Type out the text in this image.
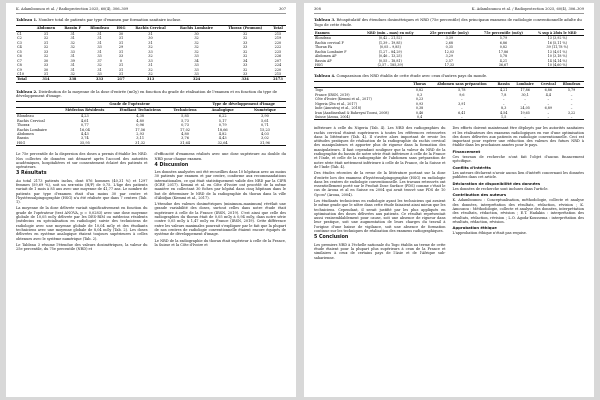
K. Adambounou et al. / Radioprotection 2025, 60(4), 306–309	307
Tableau 1. Nombre total de patients par type d'examen par formation sanitaire incluse.
	Abdomen	Bassin F	Blondeau	HSG	Rachis Cervical	Rachis Lombaire	Thorax (Poumon)	Total
C1	31	31	31	30	31	30	32	215
C2	32	31	31	31	30	32	32	219
C3	31	32	31	31	31	32	33	220
C4	32	32	33	29	32	32	33	222
C5	33	33	31	31	33	32	32	225
C6	32	31	33	33	32	33	32	226
C7	30	39	37	0	33	34	34	207
C8	33	31	32	31	31	33	33	224
C9	30	31	31	31	32	33	32	220
C10	31	32	33	31	32	33	33	215
Total	314	338	333	217	313	324	334	2173
Tableau 2. Distribution de la moyenne de la dose d'entrée (mGy) en fonction du grade de réalisation de l'examen et en fonction du type de développement d'image.
	Grade de l'opérateur			Type de développement d'image	
	Médecins Résidents	Étudiant Techniciens	Techniciens	Analogique	Numérique
Blondeau	4,23	4,38	5,85	6,22	3,90
Rachis Cervical	4,61	4,80	5,73	5,17	5,61
Thorax	0,77	0,96	0,73	0,79	0,71
Rachis Lombaire	16,04	17,56	17,02	18,66	15,23
Abdomen	4,43	2,93	4,80	4,82	4,03
Bassin	3,74	3,11	3,76	4,43	3,02
HSG	35,95	31,32	31,64	32,64	31,96

Le 75e percentile de la dispersion des doses a permis d'établir les NRD. Nos collectes de données ont démarré après l'accord des autorités académiques, hospitalières et sur consentement éclairé des patients et opérateurs.

3 Résultats

Au total 2173 patients inclus, dont 876 hommes (40,31 %) et 1297 femmes (59,69 %), soit un sex-ratio (H/F) de 0,75. L'âge des patients variait de 1 mois à 85 ans avec une moyenne de 41,77 ans. Le nombre de patients par type d'examen était d'au moins 30 par centre et l'hystérosalpingographie (HSG) n'a été réalisée que dans 7 centres (Tab. 1).

La moyenne de la dose délivrée variait significativement en fonction du grade de l'opérateur (test ANOVA, p = 0,0283) avec une dose moyenne globale de 10,05 mGy délivrée par les DES-RIM ou médecins résidents (médecins en spécialisation en radiologie) suivie des techniciens de radiologie avec une moyenne globale de 10,04 mGy et des étudiants techniciens avec une moyenne globale de 8,04 mGy (Tab. 2). Les doses délivrées en système analogique étaient toujours supérieures à celles obtenues avec le système numérique (Tab. 2).

Le Tableau 3 résume l'étendue des valeurs dosimétriques, la valeur du 25e percentile, du 75e percentile (NRD) et

d'efficacité d'examens réalisés avec une dose supérieure au double du NRD pour chaque examen.

4 Discussion

Les données analysées ont été recueillies dans 10 hôpitaux avec au moins 30 patients par examen et par centre, conforme aux recommandations internationales, ce qui était statistiquement valide des NRD par la CIPR (ICRP, 2017). Kemmi et al. en Côte d'Ivoire ont procédé de la même manière en collectant 30 fiches par hôpital dans cinq hôpitaux dans le but de déterminer le NRD de la radiographie du thorax dans la ville d'Abidjan (Kemmi et al., 2017).

L'étendue des valeurs dosimétriques (minimum–maximum) révélait une grande variabilité des doses, surtout celles dans notre étude était supérieure à celle de la France (IRSN, 2019). C'est ainsi que celle des radiographies du thorax était de 0,05 mGy à 0,94 mGy, dans notre série contre 0,05 mGy à 1,47 mGy en France (IRSN, 2019). Cette différence entre les valeurs maximales pourrait s'expliquer par le fait que la plupart de nos centres de radiologie conventionnelle étaient encore équipés de système de développement d'image.

Le NRD de la radiographie du thorax était supérieur à celle de la France, la Suisse et la Côte d'Ivoire et

308	K. Adambounou et al. / Radioprotection 2025, 60(4), 306–309
Tableau 3. Récapitulatif des étendues dosimétriques et NRD (75e percentile) des principaux examens de radiologie conventionnelle adulte du Togo de cette étude.
Examen	NRD (min – max) en mGy	25e percentile (mGy)	75e percentile (mGy)	% sup à 2fois le NRD
Blondeau	(0,42 – 21,52)	3,39	5,79	13 (3,92 %)
Rachis cervical F	(1,39 – 19,85)	2,68	6,86	16 (5,11 %)
Thorax PA	(0,05 – 9,85)	0,35	0,82	39 (11,78 %)
Rachis Lombaire F	(1,27 – 84,29)	12,03	17,86	13 (4,01 %)
Abdomen AP	(0,46 – 13,25)	3,29	5,78	10 (3,18 %)
Bassin AP	(0,55 – 18,81)	2,57	4,21	14 (4,14 %)
HSG	(2,57 – 185,39)	17,33	36,67	10 (4,60 %)
Tableau 4. Comparaison des NRD établis de cette étude avec ceux d'autres pays du monde.
	Thorax	Abdomen sans préparation	Bassin	Lombaire	Cervical	Blondeau
Togo	0,82	5,78	4,21	17,86	6,86	5,79
France (IRSN, 2019)	0,3	9,6	7,8	30,1	4,4	–
Côte d'Ivoire (Kemmi et al., 2017)	0,23	–	–	–	–	–
Nigeria (Ztu et al., 2017)	0,93	3,91	–	–	–	–
Inde (Amrutraj et al., 2018)	0,38	–	8,3	24,05	6,89	–
Iran (Asadinezhad & Bahreyni Toossi, 2008)	0,46	6,41	4,54	19,65	–	3,22
Suisse (Aroua, 2004)	0,4	–	1,5	–	–	–

inférieure à celle du Nigeria (Tab. 4). Les NRD des radiographies du rachis cervical étaient supérieures à toutes les références retrouvées dans la littérature (Tab. 4). Il s'avère alors important de revoir les attitudes pratiques de réalisation de la radiographie du rachis cervical des manipulateurs et apporter plus de rigueur dans la formation des manipulateurs. Il faut cependant souligner que la valeur du NRD de la radiographie du bassin de notre série était inférieure à celle de la France et l'Inde, et celle de la radiographie de l'abdomen sans préparation de notre série était nettement inférieure à celle de la France, de la Suisse et de l'Inde (Tab. 4).

Des études récentes de la revue de la littérature portant sur la dose d'entrée lors des examens d'hystérosalpingographie (HSG) en radiologie dans les centres de radiologie conventionnelle. Les travaux retrouvés ont essentiellement porté sur le Produit Dose Surface (PDS) comme c'était le cas de Aroua et al en Suisse en 2004 qui avait trouvé une PDS de 10 Gy.cm² (Aroua, 2004).

Les étudiants techniciens en radiologie ayant les techniciens qui avaient le même grade que le nôtre dans cette étude faisaient ainsi mieux que les techniciens. Cependant, il serait justifié par les plus appliqués en optimisation des doses délivrées aux patients. Ce résultat représentait aussi vraisemblablement pour cause, soit une absence de rigueur dans leur pratique, soit une augmentation de leurs charges du travail à l'origine d'une baisse de vigilance, soit une absence de formation continue sur les techniques de réalisation des examens radiographiques.

5 Conclusion

Les premiers NRD à l'échelle nationale du Togo établis au terme de cette étude étaient pour la plupart plus supérieurs à ceux de la France et similaires à ceux de certains pays de l'Asie et de l'Afrique sub-saharienne.

Des efforts doivent maintenant être déployés par les autorités sanitaires et les réalisateurs des examens radiologiques en vue d'une optimisation des doses délivrées aux patients en radiologie conventionnelle. Ceci est important pour espérer une réduction des valeurs des futurs NRD à établir dans les prochaines années pour le pays.

Financement

Ces travaux de recherche n'ont fait l'objet d'aucun financement spécifique.

Conflits d'intérêts

Les auteurs déclarent n'avoir aucun lien d'intérêt concernant les données publiées dans cet article.

Déclaration de disponibilité des données

Les données de recherche sont incluses dans l'article.

Contribution des auteurs

K. Adambounou : Conceptualisation, méthodologie, collecte et analyse des données, interprétation des résultats, rédaction, révision ; K. Amouzou : Méthodologie, collecte et analyse des données, interprétation des résultats, rédaction, révision ; E.T. Hadakin : interprétation des résultats, rédaction, révision ; L.O. Agoda-Koussema : interprétation des résultats, rédaction, révision.

Approbation éthique

L'approbation éthique n'était pas requise.
